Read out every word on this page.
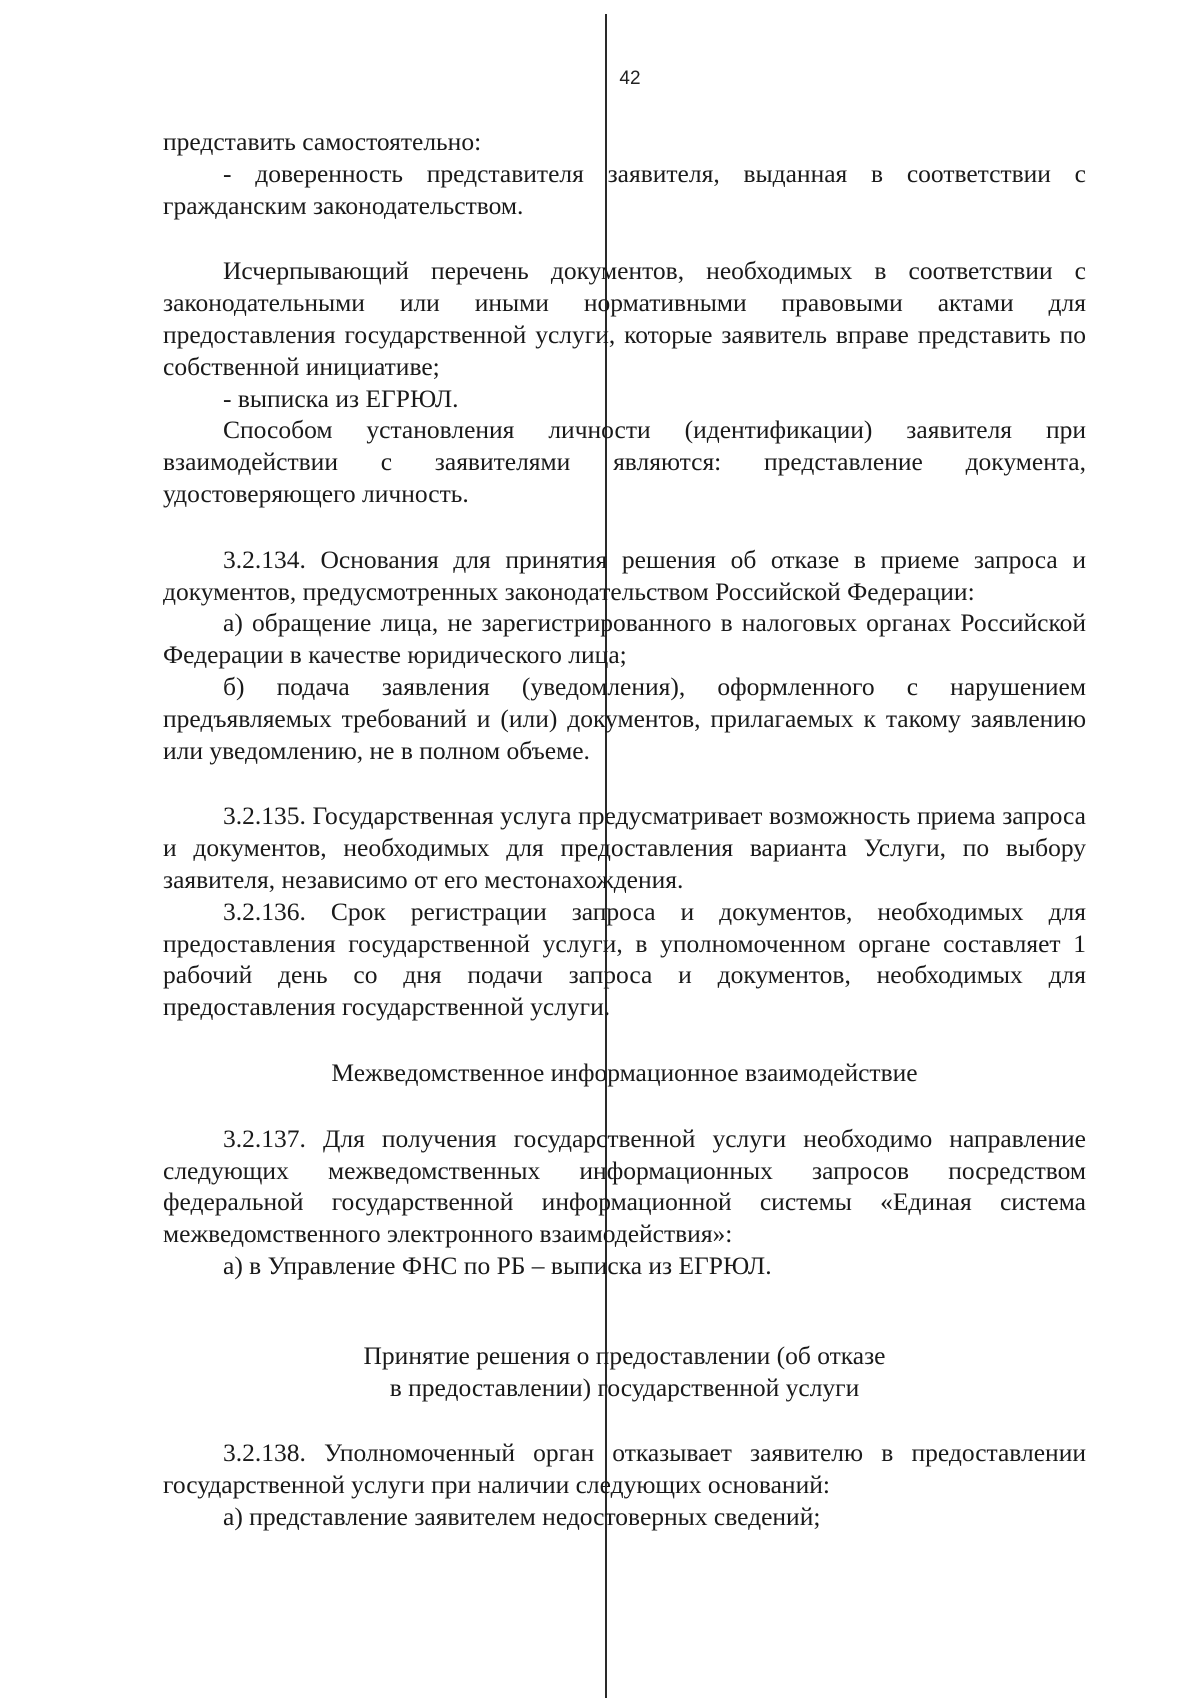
42

представить самостоятельно:

- доверенность представителя заявителя, выданная в соответствии с гражданским законодательством.

Исчерпывающий перечень документов, необходимых в соответствии с законодательными или иными нормативными правовыми актами для предоставления государственной услуги, которые заявитель вправе представить по собственной инициативе;

- выписка из ЕГРЮЛ.

Способом установления личности (идентификации) заявителя при взаимодействии с заявителями являются: представление документа, удостоверяющего личность.

3.2.134. Основания для принятия решения об отказе в приеме запроса и документов, предусмотренных законодательством Российской Федерации:

а) обращение лица, не зарегистрированного в налоговых органах Российской Федерации в качестве юридического лица;

б) подача заявления (уведомления), оформленного с нарушением предъявляемых требований и (или) документов, прилагаемых к такому заявлению или уведомлению, не в полном объеме.

3.2.135. Государственная услуга предусматривает возможность приема запроса и документов, необходимых для предоставления варианта Услуги, по выбору заявителя, независимо от его местонахождения.

3.2.136. Срок регистрации запроса и документов, необходимых для предоставления государственной услуги, в уполномоченном органе составляет 1 рабочий день со дня подачи запроса и документов, необходимых для предоставления государственной услуги.

Межведомственное информационное взаимодействие

3.2.137. Для получения государственной услуги необходимо направление следующих межведомственных информационных запросов посредством федеральной государственной информационной системы «Единая система межведомственного электронного взаимодействия»:

а) в Управление ФНС по РБ – выписка из ЕГРЮЛ.

Принятие решения о предоставлении (об отказе
в предоставлении) государственной услуги

3.2.138. Уполномоченный орган отказывает заявителю в предоставлении государственной услуги при наличии следующих оснований:

а) представление заявителем недостоверных сведений;
